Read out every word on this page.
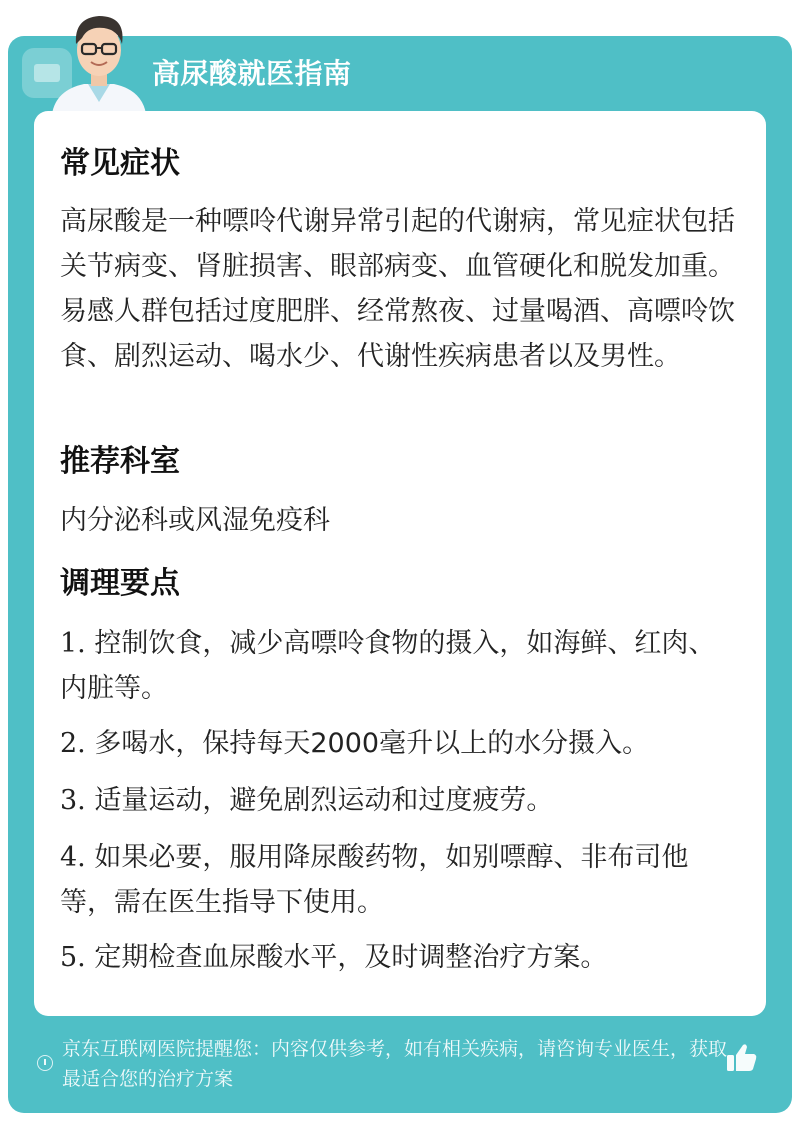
高尿酸就医指南
常见症状
高尿酸是一种嘌呤代谢异常引起的代谢病，常见症状包括关节病变、肾脏损害、眼部病变、血管硬化和脱发加重。易感人群包括过度肥胖、经常熬夜、过量喝酒、高嘌呤饮食、剧烈运动、喝水少、代谢性疾病患者以及男性。
推荐科室
内分泌科或风湿免疫科
调理要点
1. 控制饮食，减少高嘌呤食物的摄入，如海鲜、红肉、内脏等。
2. 多喝水，保持每天2000毫升以上的水分摄入。
3. 适量运动，避免剧烈运动和过度疲劳。
4. 如果必要，服用降尿酸药物，如别嘌醇、非布司他等，需在医生指导下使用。
5. 定期检查血尿酸水平，及时调整治疗方案。
京东互联网医院提醒您：内容仅供参考，如有相关疾病，请咨询专业医生，获取最适合您的治疗方案
